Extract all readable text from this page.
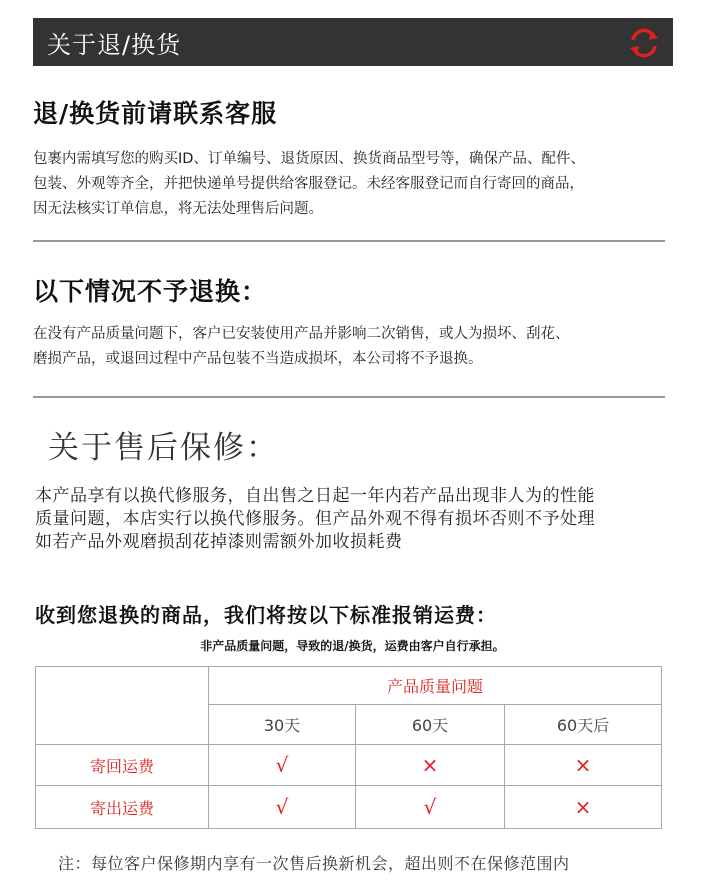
关于退/换货
退/换货前请联系客服
包裹内需填写您的购买ID、订单编号、退货原因、换货商品型号等，确保产品、配件、
包装、外观等齐全，并把快递单号提供给客服登记。未经客服登记而自行寄回的商品，
因无法核实订单信息，将无法处理售后问题。
以下情况不予退换：
在没有产品质量问题下，客户已安装使用产品并影响二次销售，或人为损坏、刮花、
磨损产品，或退回过程中产品包装不当造成损坏，本公司将不予退换。
关于售后保修：
本产品享有以换代修服务，自出售之日起一年内若产品出现非人为的性能
质量问题，本店实行以换代修服务。但产品外观不得有损坏否则不予处理
如若产品外观磨损刮花掉漆则需额外加收损耗费
收到您退换的商品，我们将按以下标准报销运费：
非产品质量问题，导致的退/换货，运费由客户自行承担。
	产品质量问题		
	30天	60天	60天后
寄回运费	√	×	×
寄出运费	√	√	×
注：每位客户保修期内享有一次售后换新机会，超出则不在保修范围内
